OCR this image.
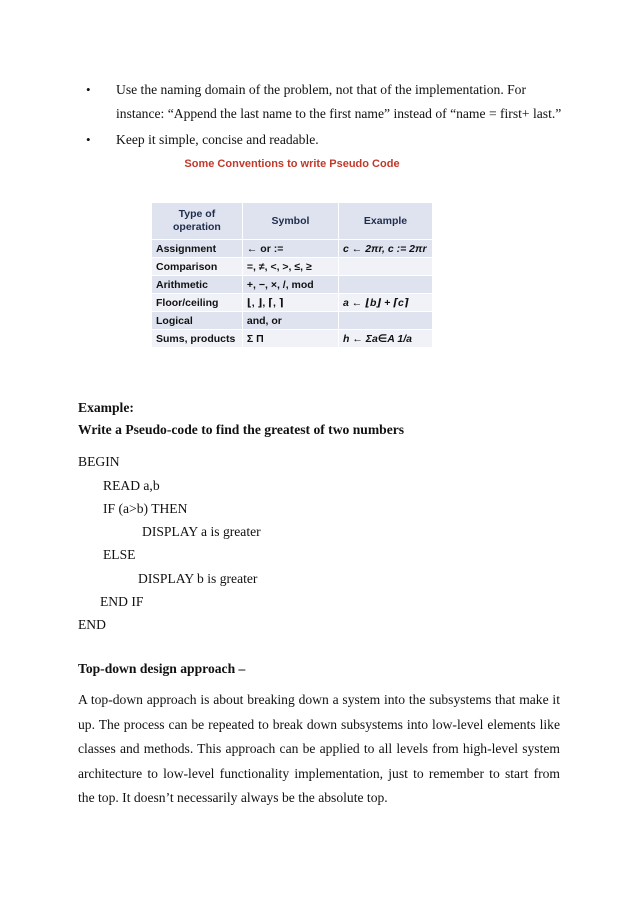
• Use the naming domain of the problem, not that of the implementation. For instance: “Append the last name to the first name” instead of “name = first+ last.”
• Keep it simple, concise and readable.
Some Conventions to write Pseudo Code
Type of operation	Symbol	Example
Assignment	← or :=	c ← 2πr, c := 2πr
Comparison	=, ≠, <, >, ≤, ≥	
Arithmetic	+, −, ×, /, mod	
Floor/ceiling	⌊, ⌋, ⌈, ⌉	a ← ⌊b⌋ + ⌈c⌉
Logical	and, or	
Sums, products	Σ Π	h ← Σa∈A 1/a
Example:
Write a Pseudo-code to find the greatest of two numbers
BEGIN
READ a,b
IF (a>b) THEN
DISPLAY a is greater
ELSE
DISPLAY b is greater
END IF
END
Top-down design approach –
A top-down approach is about breaking down a system into the subsystems that make it up. The process can be repeated to break down subsystems into low-level elements like classes and methods. This approach can be applied to all levels from high-level system architecture to low-level functionality implementation, just to remember to start from the top. It doesn’t necessarily always be the absolute top.
